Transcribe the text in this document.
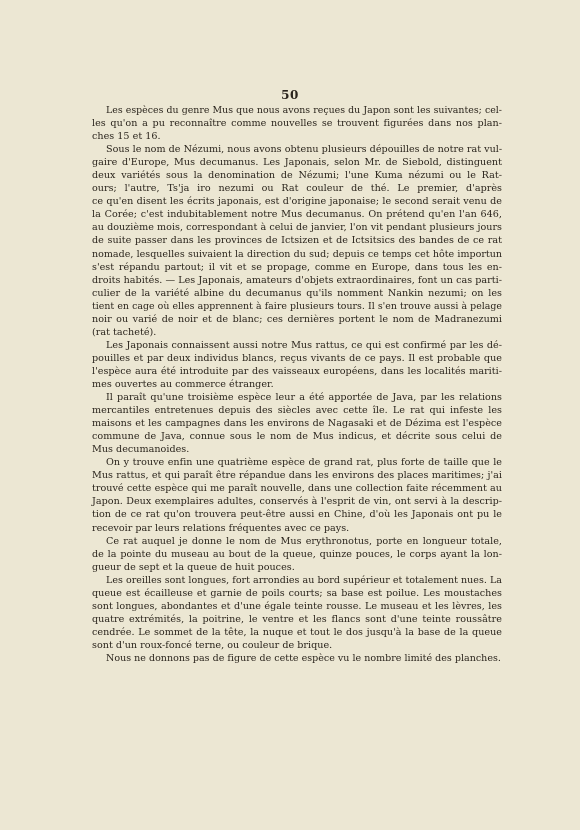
50
Les espèces du genre Mus que nous avons reçues du Japon sont les suivantes; cel-
les qu'on a pu reconnaître comme nouvelles se trouvent figurées dans nos plan-
ches 15 et 16.
Sous le nom de Nézumi, nous avons obtenu plusieurs dépouilles de notre rat vul-
gaire d'Europe, Mus decumanus. Les Japonais, selon Mr. de Siebold, distinguent
deux variétés sous la denomination de Nézumi; l'une Kuma nézumi ou le Rat-
ours; l'autre, Ts'ja iro nezumi ou Rat couleur de thé. Le premier, d'après
ce qu'en disent les écrits japonais, est d'origine japonaise; le second serait venu de
la Corée; c'est indubitablement notre Mus decumanus. On prétend qu'en l'an 646,
au douzième mois, correspondant à celui de janvier, l'on vit pendant plusieurs jours
de suite passer dans les provinces de Ictsizen et de Ictsitsics des bandes de ce rat
nomade, lesquelles suivaient la direction du sud; depuis ce temps cet hôte importun
s'est répandu partout; il vit et se propage, comme en Europe, dans tous les en-
droits habités. — Les Japonais, amateurs d'objets extraordinaires, font un cas parti-
culier de la variété albine du decumanus qu'ils nomment Nankin nezumi; on les
tient en cage où elles apprennent à faire plusieurs tours. Il s'en trouve aussi à pelage
noir ou varié de noir et de blanc; ces dernières portent le nom de Madranezumi
(rat tacheté).
Les Japonais connaissent aussi notre Mus rattus, ce qui est confirmé par les dé-
pouilles et par deux individus blancs, reçus vivants de ce pays. Il est probable que
l'espèce aura été introduite par des vaisseaux européens, dans les localités mariti-
mes ouvertes au commerce étranger.
Il paraît qu'une troisième espèce leur a été apportée de Java, par les relations
mercantiles entretenues depuis des siècles avec cette île. Le rat qui infeste les
maisons et les campagnes dans les environs de Nagasaki et de Dézima est l'espèce
commune de Java, connue sous le nom de Mus indicus, et décrite sous celui de
Mus decumanoides.
On y trouve enfin une quatrième espèce de grand rat, plus forte de taille que le
Mus rattus, et qui paraît être répandue dans les environs des places maritimes; j'ai
trouvé cette espèce qui me paraît nouvelle, dans une collection faite récemment au
Japon. Deux exemplaires adultes, conservés à l'esprit de vin, ont servi à la descrip-
tion de ce rat qu'on trouvera peut-être aussi en Chine, d'où les Japonais ont pu le
recevoir par leurs relations fréquentes avec ce pays.
Ce rat auquel je donne le nom de Mus erythronotus, porte en longueur totale,
de la pointe du museau au bout de la queue, quinze pouces, le corps ayant la lon-
gueur de sept et la queue de huit pouces.
Les oreilles sont longues, fort arrondies au bord supérieur et totalement nues. La
queue est écailleuse et garnie de poils courts; sa base est poilue. Les moustaches
sont longues, abondantes et d'une égale teinte rousse. Le museau et les lèvres, les
quatre extrémités, la poitrine, le ventre et les flancs sont d'une teinte roussâtre
cendrée. Le sommet de la tête, la nuque et tout le dos jusqu'à la base de la queue
sont d'un roux-foncé terne, ou couleur de brique.
Nous ne donnons pas de figure de cette espèce vu le nombre limité des planches.
